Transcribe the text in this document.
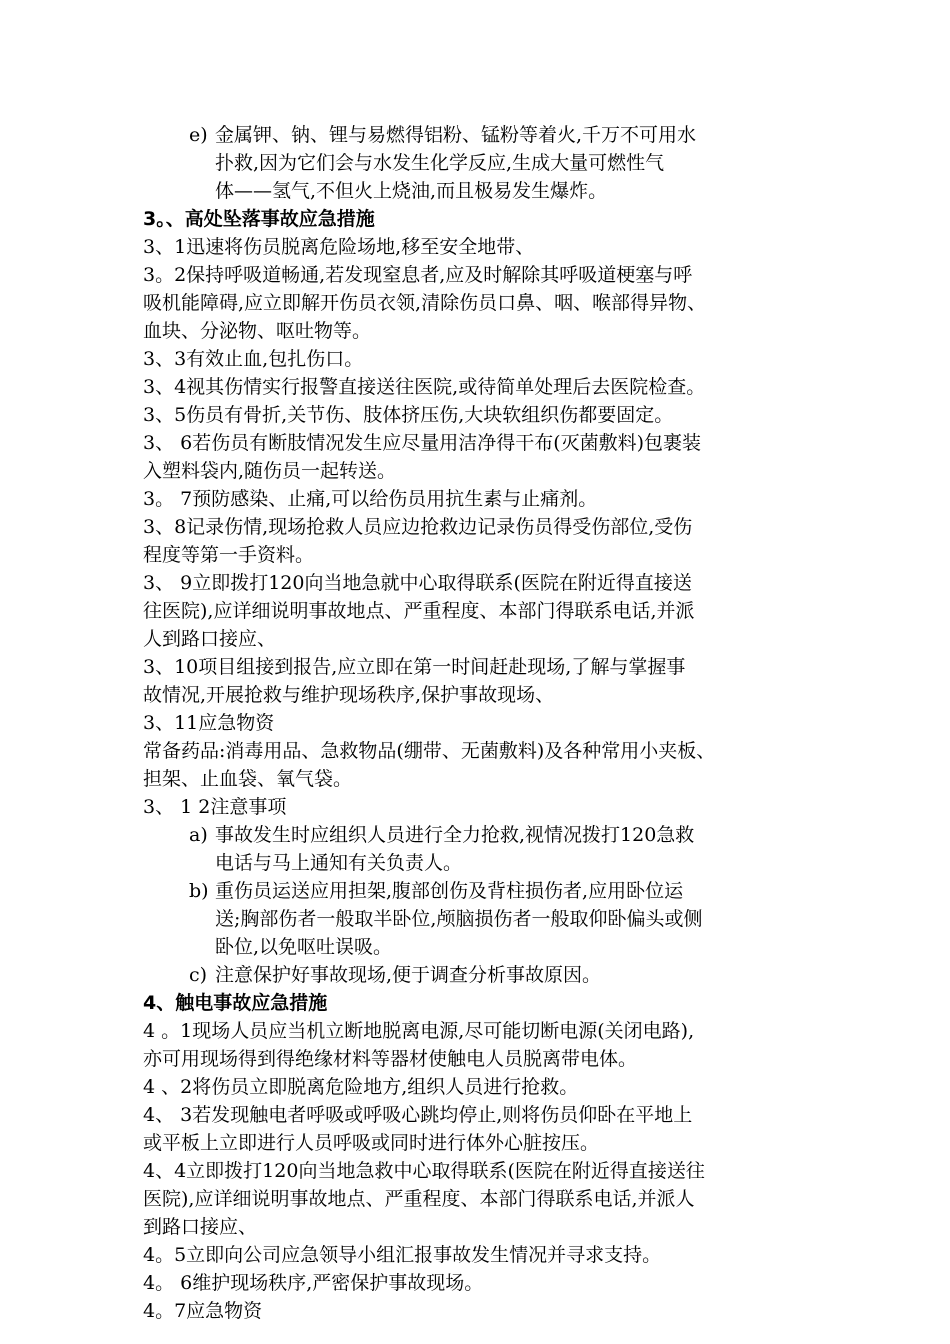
e) 金属钾、钠、锂与易燃得铝粉、锰粉等着火,千万不可用水
扑救,因为它们会与水发生化学反应,生成大量可燃性气
体——氢气,不但火上烧油,而且极易发生爆炸。
3。、高处坠落事故应急措施
3、1迅速将伤员脱离危险场地,移至安全地带、
3。2保持呼吸道畅通,若发现窒息者,应及时解除其呼吸道梗塞与呼
吸机能障碍,应立即解开伤员衣领,清除伤员口鼻、咽、喉部得异物、
血块、分泌物、呕吐物等。
3、3有效止血,包扎伤口。
3、4视其伤情实行报警直接送往医院,或待简单处理后去医院检查。
3、5伤员有骨折,关节伤、肢体挤压伤,大块软组织伤都要固定。
3、 6若伤员有断肢情况发生应尽量用洁净得干布(灭菌敷料)包裹装
入塑料袋内,随伤员一起转送。
3。 7预防感染、止痛,可以给伤员用抗生素与止痛剂。
3、8记录伤情,现场抢救人员应边抢救边记录伤员得受伤部位,受伤
程度等第一手资料。
3、 9立即拨打120向当地急就中心取得联系(医院在附近得直接送
往医院),应详细说明事故地点、严重程度、本部门得联系电话,并派
人到路口接应、
3、10项目组接到报告,应立即在第一时间赶赴现场,了解与掌握事
故情况,开展抢救与维护现场秩序,保护事故现场、
3、11应急物资
常备药品:消毒用品、急救物品(绷带、无菌敷料)及各种常用小夹板、
担架、止血袋、氧气袋。
3、 1 2注意事项
a) 事故发生时应组织人员进行全力抢救,视情况拨打120急救
电话与马上通知有关负责人。
b) 重伤员运送应用担架,腹部创伤及背柱损伤者,应用卧位运
送;胸部伤者一般取半卧位,颅脑损伤者一般取仰卧偏头或侧
卧位,以免呕吐误吸。
c) 注意保护好事故现场,便于调查分析事故原因。
4、触电事故应急措施
4 。1现场人员应当机立断地脱离电源,尽可能切断电源(关闭电路),
亦可用现场得到得绝缘材料等器材使触电人员脱离带电体。
4 、2将伤员立即脱离危险地方,组织人员进行抢救。
4、 3若发现触电者呼吸或呼吸心跳均停止,则将伤员仰卧在平地上
或平板上立即进行人员呼吸或同时进行体外心脏按压。
4、4立即拨打120向当地急救中心取得联系(医院在附近得直接送往
医院),应详细说明事故地点、严重程度、本部门得联系电话,并派人
到路口接应、
4。5立即向公司应急领导小组汇报事故发生情况并寻求支持。
4。 6维护现场秩序,严密保护事故现场。
4。7应急物资
